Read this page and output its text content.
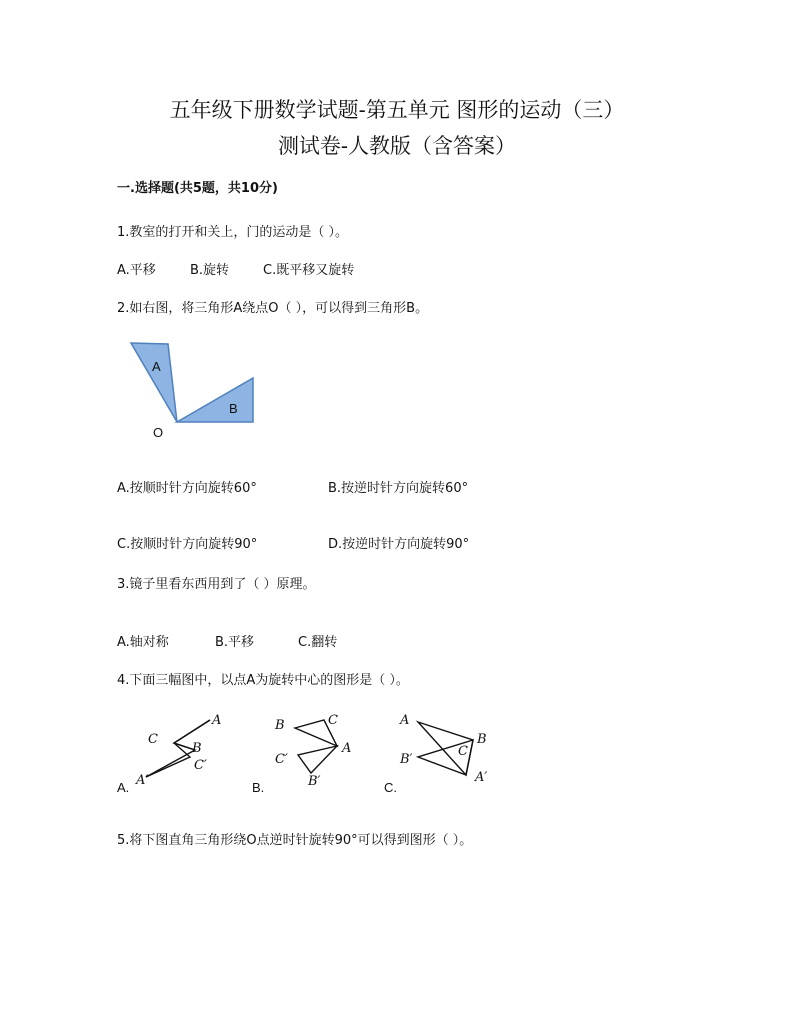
五年级下册数学试题-第五单元 图形的运动（三）
测试卷-人教版（含答案）
一.选择题(共5题，共10分)
1.教室的打开和关上，门的运动是（ ）。
A.平移	B.旋转	C.既平移又旋转
2.如右图，将三角形A绕点O（ ），可以得到三角形B。
A
B
O
A.按顺时针方向旋转60°	B.按逆时针方向旋转60°
C.按顺时针方向旋转90°	D.按逆时针方向旋转90°
3.镜子里看东西用到了（ ）原理。
A.轴对称	B.平移	C.翻转
4.下面三幅图中，以点A为旋转中心的图形是（ ）。
A
C
B
C′
A′
A.
B	C
C′
A
B′
B.
A
B
B′
C
A′
C.
5.将下图直角三角形绕O点逆时针旋转90°可以得到图形（ ）。
